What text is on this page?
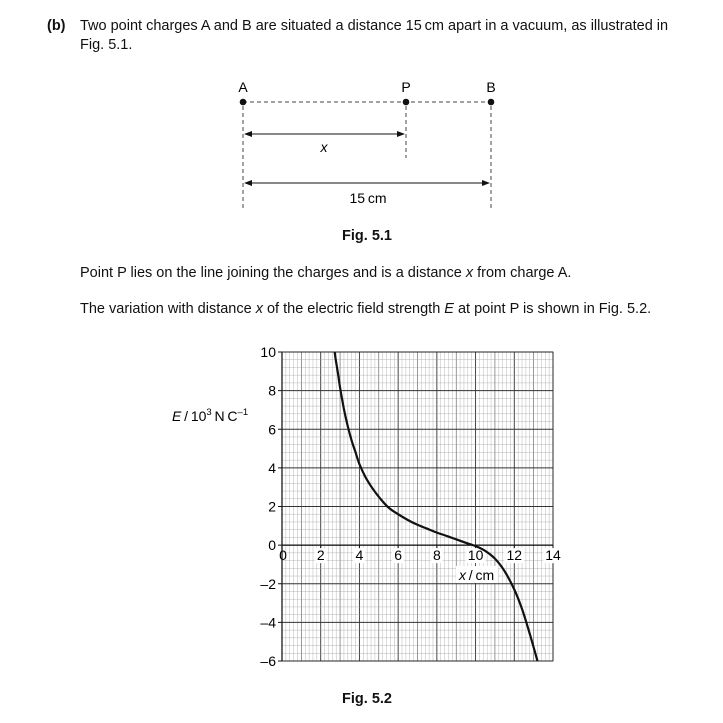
(b) Two point charges A and B are situated a distance 15 cm apart in a vacuum, as illustrated in
Fig. 5.1.
A	P	B
x
15 cm
Fig. 5.1
Point P lies on the line joining the charges and is a distance x from charge A.
The variation with distance x of the electric field strength E at point P is shown in Fig. 5.2.
10
8
6
4
2
0
–2
–4
–6
0 2 4 6 8 10 12 14
E / $10^3$ N $C^{-1}$
x / cm
Fig. 5.2
